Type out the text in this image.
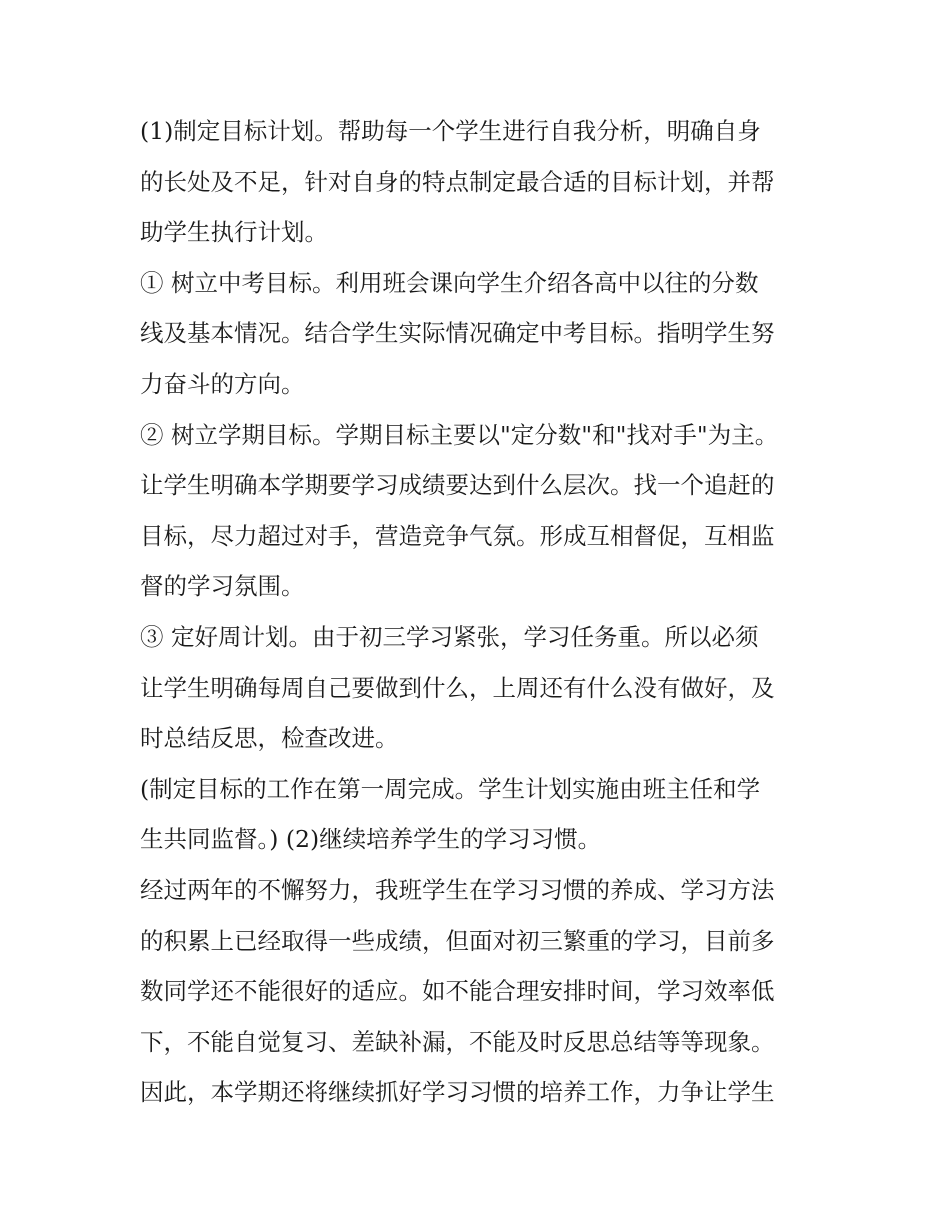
(1)制定目标计划。帮助每一个学生进行自我分析，明确自身
的长处及不足，针对自身的特点制定最合适的目标计划，并帮
助学生执行计划。
① 树立中考目标。利用班会课向学生介绍各高中以往的分数
线及基本情况。结合学生实际情况确定中考目标。指明学生努
力奋斗的方向。
② 树立学期目标。学期目标主要以"定分数"和"找对手"为主。
让学生明确本学期要学习成绩要达到什么层次。找一个追赶的
目标，尽力超过对手，营造竞争气氛。形成互相督促，互相监
督的学习氛围。
③ 定好周计划。由于初三学习紧张，学习任务重。所以必须
让学生明确每周自己要做到什么，上周还有什么没有做好，及
时总结反思，检查改进。
(制定目标的工作在第一周完成。学生计划实施由班主任和学
生共同监督。) (2)继续培养学生的学习习惯。
经过两年的不懈努力，我班学生在学习习惯的养成、学习方法
的积累上已经取得一些成绩，但面对初三繁重的学习，目前多
数同学还不能很好的适应。如不能合理安排时间，学习效率低
下，不能自觉复习、差缺补漏，不能及时反思总结等等现象。
因此，本学期还将继续抓好学习习惯的培养工作，力争让学生
